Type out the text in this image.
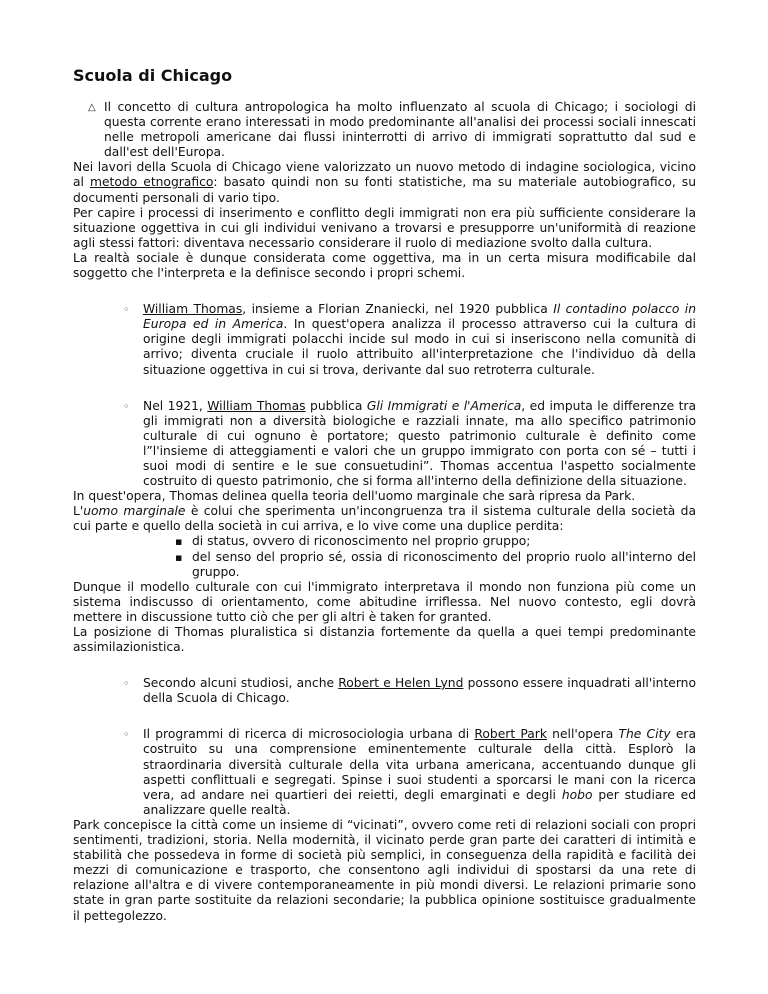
Scuola di Chicago
△ Il concetto di cultura antropologica ha molto influenzato al scuola di Chicago; i sociologi di questa corrente erano interessati in modo predominante all'analisi dei processi sociali innescati nelle metropoli americane dai flussi ininterrotti di arrivo di immigrati soprattutto dal sud e dall'est dell'Europa.

Nei lavori della Scuola di Chicago viene valorizzato un nuovo metodo di indagine sociologica, vicino al metodo etnografico: basato quindi non su fonti statistiche, ma su materiale autobiografico, su documenti personali di vario tipo.

Per capire i processi di inserimento e conflitto degli immigrati non era più sufficiente considerare la situazione oggettiva in cui gli individui venivano a trovarsi e presupporre un'uniformità di reazione agli stessi fattori: diventava necessario considerare il ruolo di mediazione svolto dalla cultura.

La realtà sociale è dunque considerata come oggettiva, ma in un certa misura modificabile dal soggetto che l'interpreta e la definisce secondo i propri schemi.

◦ William Thomas, insieme a Florian Znaniecki, nel 1920 pubblica Il contadino polacco in Europa ed in America. In quest'opera analizza il processo attraverso cui la cultura di origine degli immigrati polacchi incide sul modo in cui si inseriscono nella comunità di arrivo; diventa cruciale il ruolo attribuito all'interpretazione che l'individuo dà della situazione oggettiva in cui si trova, derivante dal suo retroterra culturale.

◦ Nel 1921, William Thomas pubblica Gli Immigrati e l'America, ed imputa le differenze tra gli immigrati non a diversità biologiche e razziali innate, ma allo specifico patrimonio culturale di cui ognuno è portatore; questo patrimonio culturale è definito come l”l'insieme di atteggiamenti e valori che un gruppo immigrato con porta con sé – tutti i suoi modi di sentire e le sue consuetudini”. Thomas accentua l'aspetto socialmente costruito di questo patrimonio, che si forma all'interno della definizione della situazione.

In quest'opera, Thomas delinea quella teoria dell'uomo marginale che sarà ripresa da Park.

L'uomo marginale è colui che sperimenta un'incongruenza tra il sistema culturale della società da cui parte e quello della società in cui arriva, e lo vive come una duplice perdita:

▪ di status, ovvero di riconoscimento nel proprio gruppo;

▪ del senso del proprio sé, ossia di riconoscimento del proprio ruolo all'interno del gruppo.

Dunque il modello culturale con cui l'immigrato interpretava il mondo non funziona più come un sistema indiscusso di orientamento, come abitudine irriflessa. Nel nuovo contesto, egli dovrà mettere in discussione tutto ciò che per gli altri è taken for granted.

La posizione di Thomas pluralistica si distanzia fortemente da quella a quei tempi predominante assimilazionistica.

◦ Secondo alcuni studiosi, anche Robert e Helen Lynd possono essere inquadrati all'interno della Scuola di Chicago.

◦ Il programmi di ricerca di microsociologia urbana di Robert Park nell'opera The City era costruito su una comprensione eminentemente culturale della città. Esplorò la straordinaria diversità culturale della vita urbana americana, accentuando dunque gli aspetti conflittuali e segregati. Spinse i suoi studenti a sporcarsi le mani con la ricerca vera, ad andare nei quartieri dei reietti, degli emarginati e degli hobo per studiare ed analizzare quelle realtà.

Park concepisce la città come un insieme di “vicinati”, ovvero come reti di relazioni sociali con propri sentimenti, tradizioni, storia. Nella modernità, il vicinato perde gran parte dei caratteri di intimità e stabilità che possedeva in forme di società più semplici, in conseguenza della rapidità e facilità dei mezzi di comunicazione e trasporto, che consentono agli individui di spostarsi da una rete di relazione all'altra e di vivere contemporaneamente in più mondi diversi. Le relazioni primarie sono state in gran parte sostituite da relazioni secondarie; la pubblica opinione sostituisce gradualmente il pettegolezzo.
